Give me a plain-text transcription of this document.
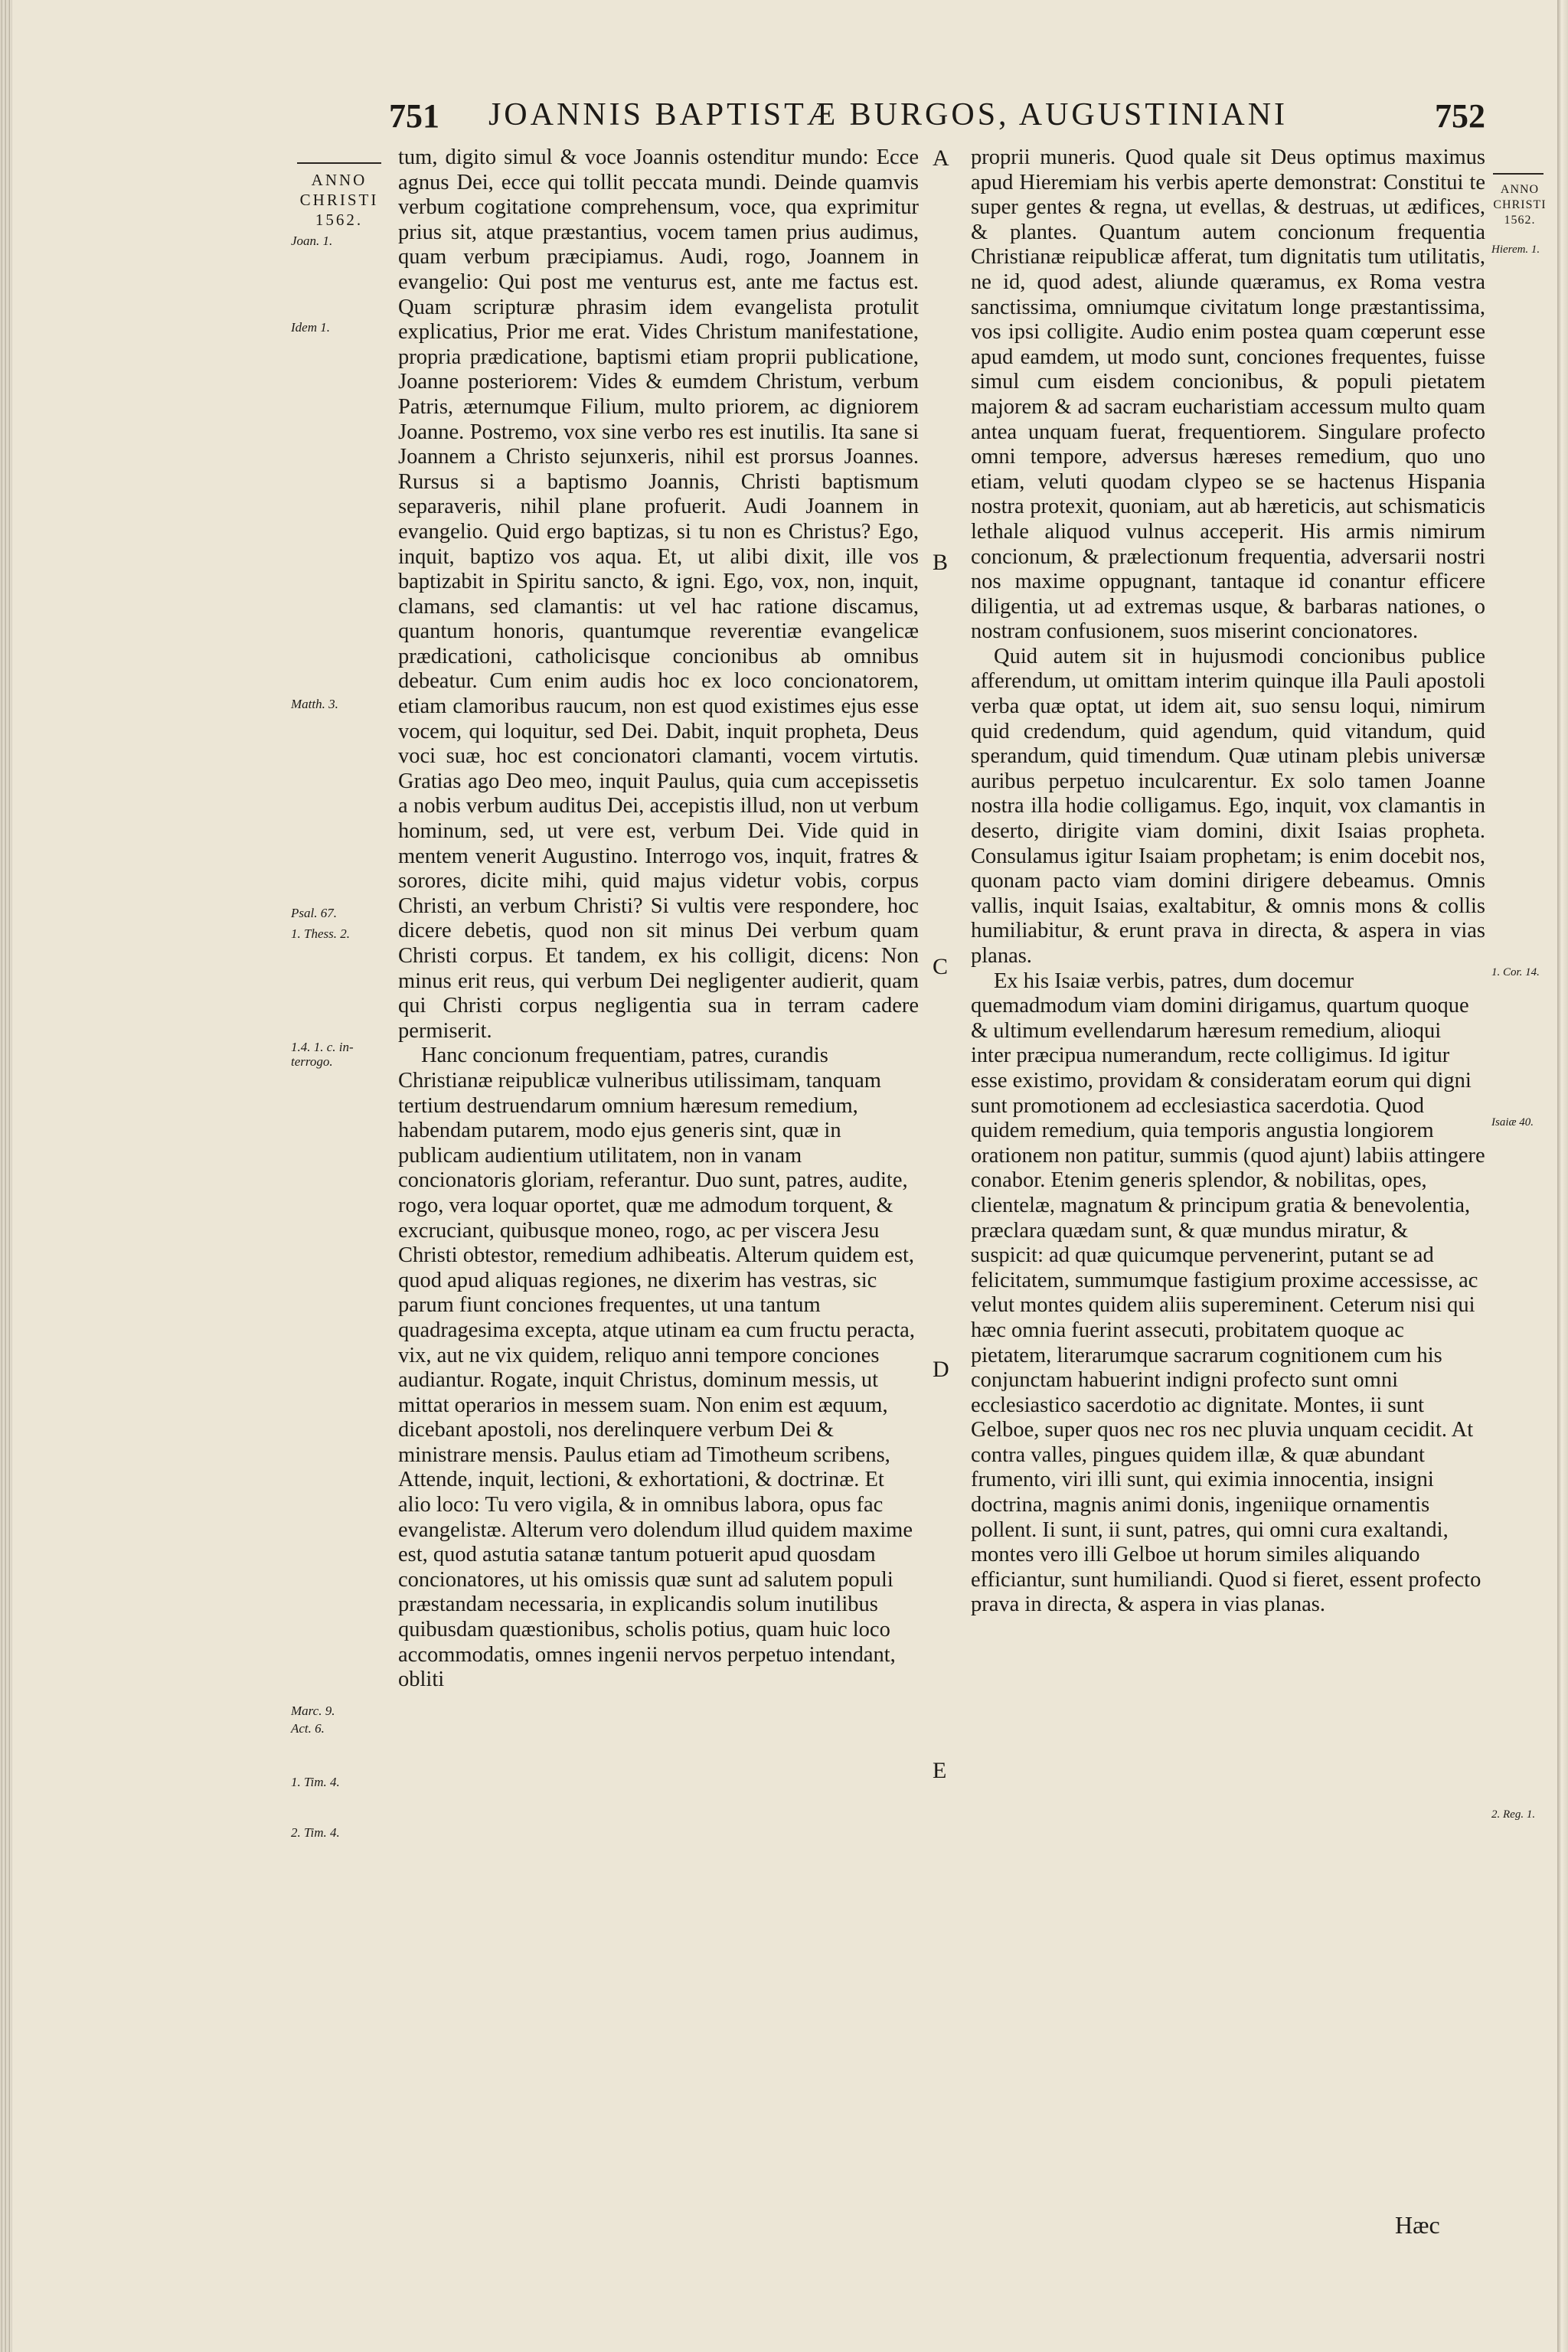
751	JOANNIS BAPTISTÆ BURGOS, AUGUSTINIANI	752
ANNO
CHRISTI
1562.
ANNO
CHRISTI
1562.
Joan. 1.
Idem 1.
Matth. 3.
Psal. 67.
1. Thess. 2.
1.4. 1. c. in-terrogo.
Marc. 9.
Act. 6.
1. Tim. 4.
2. Tim. 4.
Hierem. 1.
1. Cor. 14.
Isaiæ 40.
2. Reg. 1.
A
B
C
D
E

tum, digito simul & voce Joannis ostenditur mundo: Ecce agnus Dei, ecce qui tollit peccata mundi. Deinde quamvis verbum cogitatione comprehensum, voce, qua exprimitur prius sit, atque præstantius, vocem tamen prius audimus, quam verbum præcipiamus. Audi, rogo, Joannem in evangelio: Qui post me venturus est, ante me factus est. Quam scripturæ phrasim idem evangelista protulit explicatius, Prior me erat. Vides Christum manifestatione, propria prædicatione, baptismi etiam proprii publicatione, Joanne posteriorem: Vides & eumdem Christum, verbum Patris, æternumque Filium, multo priorem, ac digniorem Joanne. Postremo, vox sine verbo res est inutilis. Ita sane si Joannem a Christo sejunxeris, nihil est prorsus Joannes. Rursus si a baptismo Joannis, Christi baptismum separaveris, nihil plane profuerit. Audi Joannem in evangelio. Quid ergo baptizas, si tu non es Christus? Ego, inquit, baptizo vos aqua. Et, ut alibi dixit, ille vos baptizabit in Spiritu sancto, & igni. Ego, vox, non, inquit, clamans, sed clamantis: ut vel hac ratione discamus, quantum honoris, quantumque reverentiæ evangelicæ prædicationi, catholicisque concionibus ab omnibus debeatur. Cum enim audis hoc ex loco concionatorem, etiam clamoribus raucum, non est quod existimes ejus esse vocem, qui loquitur, sed Dei. Dabit, inquit propheta, Deus voci suæ, hoc est concionatori clamanti, vocem virtutis. Gratias ago Deo meo, inquit Paulus, quia cum accepissetis a nobis verbum auditus Dei, accepistis illud, non ut verbum hominum, sed, ut vere est, verbum Dei. Vide quid in mentem venerit Augustino. Interrogo vos, inquit, fratres & sorores, dicite mihi, quid majus videtur vobis, corpus Christi, an verbum Christi? Si vultis vere respondere, hoc dicere debetis, quod non sit minus Dei verbum quam Christi corpus. Et tandem, ex his colligit, dicens: Non minus erit reus, qui verbum Dei negligenter audierit, quam qui Christi corpus negligentia sua in terram cadere permiserit.

Hanc concionum frequentiam, patres, curandis Christianæ reipublicæ vulneribus utilissimam, tanquam tertium destruendarum omnium hæresum remedium, habendam putarem, modo ejus generis sint, quæ in publicam audientium utilitatem, non in vanam concionatoris gloriam, referantur. Duo sunt, patres, audite, rogo, vera loquar oportet, quæ me admodum torquent, & excruciant, quibusque moneo, rogo, ac per viscera Jesu Christi obtestor, remedium adhibeatis. Alterum quidem est, quod apud aliquas regiones, ne dixerim has vestras, sic parum fiunt conciones frequentes, ut una tantum quadragesima excepta, atque utinam ea cum fructu peracta, vix, aut ne vix quidem, reliquo anni tempore conciones audiantur. Rogate, inquit Christus, dominum messis, ut mittat operarios in messem suam. Non enim est æquum, dicebant apostoli, nos derelinquere verbum Dei & ministrare mensis. Paulus etiam ad Timotheum scribens, Attende, inquit, lectioni, & exhortationi, & doctrinæ. Et alio loco: Tu vero vigila, & in omnibus labora, opus fac evangelistæ. Alterum vero dolendum illud quidem maxime est, quod astutia satanæ tantum potuerit apud quosdam concionatores, ut his omissis quæ sunt ad salutem populi præstandam necessaria, in explicandis solum inutilibus quibusdam quæstionibus, scholis potius, quam huic loco accommodatis, omnes ingenii nervos perpetuo intendant, obliti

proprii muneris. Quod quale sit Deus optimus maximus apud Hieremiam his verbis aperte demonstrat: Constitui te super gentes & regna, ut evellas, & destruas, ut ædifices, & plantes. Quantum autem concionum frequentia Christianæ reipublicæ afferat, tum dignitatis tum utilitatis, ne id, quod adest, aliunde quæramus, ex Roma vestra sanctissima, omniumque civitatum longe præstantissima, vos ipsi colligite. Audio enim postea quam cœperunt esse apud eamdem, ut modo sunt, conciones frequentes, fuisse simul cum eisdem concionibus, & populi pietatem majorem & ad sacram eucharistiam accessum multo quam antea unquam fuerat, frequentiorem. Singulare profecto omni tempore, adversus hæreses remedium, quo uno etiam, veluti quodam clypeo se se hactenus Hispania nostra protexit, quoniam, aut ab hæreticis, aut schismaticis lethale aliquod vulnus acceperit. His armis nimirum concionum, & prælectionum frequentia, adversarii nostri nos maxime oppugnant, tantaque id conantur efficere diligentia, ut ad extremas usque, & barbaras nationes, o nostram confusionem, suos miserint concionatores.

Quid autem sit in hujusmodi concionibus publice afferendum, ut omittam interim quinque illa Pauli apostoli verba quæ optat, ut idem ait, suo sensu loqui, nimirum quid credendum, quid agendum, quid vitandum, quid sperandum, quid timendum. Quæ utinam plebis universæ auribus perpetuo inculcarentur. Ex solo tamen Joanne nostra illa hodie colligamus. Ego, inquit, vox clamantis in deserto, dirigite viam domini, dixit Isaias propheta. Consulamus igitur Isaiam prophetam; is enim docebit nos, quonam pacto viam domini dirigere debeamus. Omnis vallis, inquit Isaias, exaltabitur, & omnis mons & collis humiliabitur, & erunt prava in directa, & aspera in vias planas.

Ex his Isaiæ verbis, patres, dum docemur quemadmodum viam domini dirigamus, quartum quoque & ultimum evellendarum hæresum remedium, alioqui inter præcipua numerandum, recte colligimus. Id igitur esse existimo, providam & consideratam eorum qui digni sunt promotionem ad ecclesiastica sacerdotia. Quod quidem remedium, quia temporis angustia longiorem orationem non patitur, summis (quod ajunt) labiis attingere conabor. Etenim generis splendor, & nobilitas, opes, clientelæ, magnatum & principum gratia & benevolentia, præclara quædam sunt, & quæ mundus miratur, & suspicit: ad quæ quicumque pervenerint, putant se ad felicitatem, summumque fastigium proxime accessisse, ac velut montes quidem aliis supereminent. Ceterum nisi qui hæc omnia fuerint assecuti, probitatem quoque ac pietatem, literarumque sacrarum cognitionem cum his conjunctam habuerint indigni profecto sunt omni ecclesiastico sacerdotio ac dignitate. Montes, ii sunt Gelboe, super quos nec ros nec pluvia unquam cecidit. At contra valles, pingues quidem illæ, & quæ abundant frumento, viri illi sunt, qui eximia innocentia, insigni doctrina, magnis animi donis, ingeniique ornamentis pollent. Ii sunt, ii sunt, patres, qui omni cura exaltandi, montes vero illi Gelboe ut horum similes aliquando efficiantur, sunt humiliandi. Quod si fieret, essent profecto prava in directa, & aspera in vias planas.

Hæc
